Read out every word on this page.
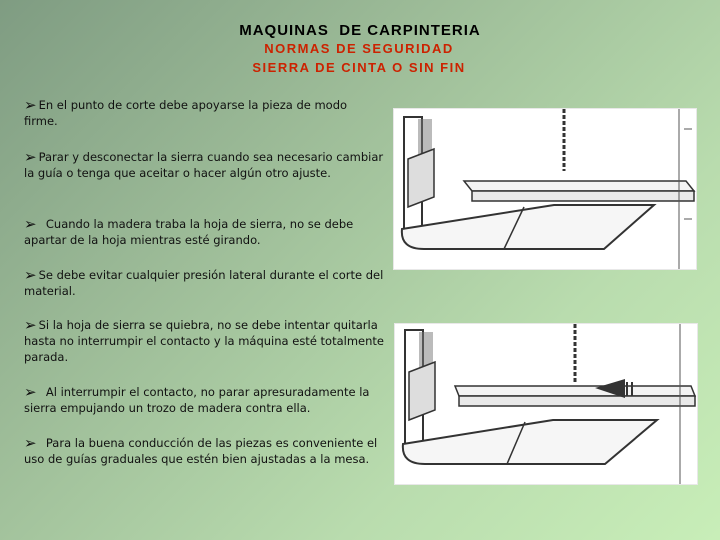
MAQUINAS  DE CARPINTERIA
NORMAS DE SEGURIDAD
SIERRA DE CINTA O SIN FIN
➢ En el punto de corte debe apoyarse la pieza de modo firme.
➢ Parar y desconectar la sierra cuando sea necesario cambiar la guía o tenga que aceitar o hacer algún otro ajuste.
➢ Cuando la madera traba la hoja de sierra, no se debe apartar de la hoja mientras esté girando.
➢ Se debe evitar cualquier presión lateral durante el corte del material.
➢ Si la hoja de sierra se quiebra, no se debe intentar quitarla hasta no interrumpir el contacto y la máquina esté totalmente parada.
➢ Al interrumpir el contacto, no parar apresuradamente la sierra empujando un trozo de madera contra ella.
➢ Para la buena conducción de las piezas es conveniente el uso de guías graduales que estén bien ajustadas a la mesa.
